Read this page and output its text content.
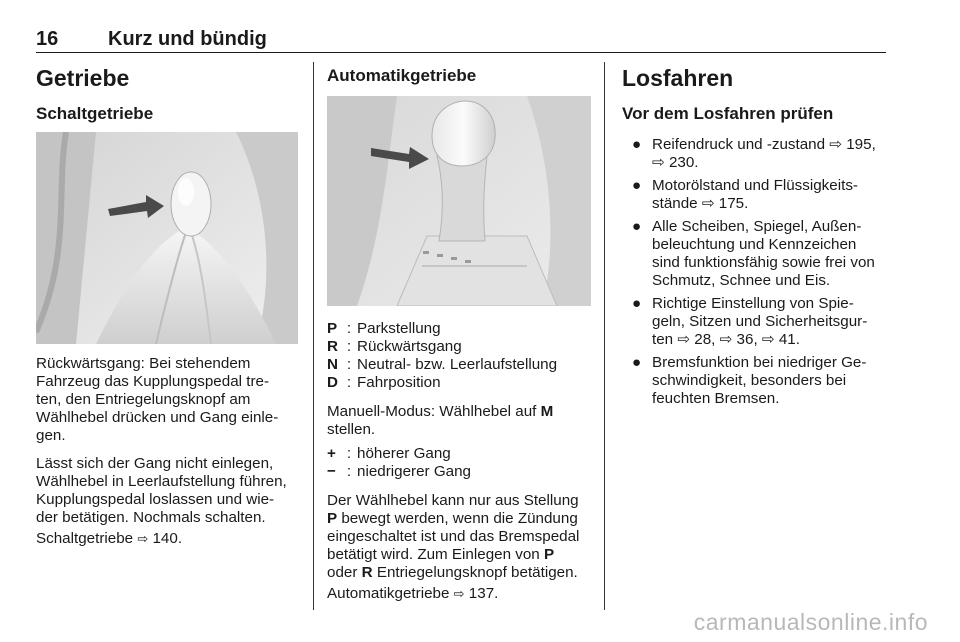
16 Kurz und bündig
Getriebe
Schaltgetriebe
Rückwärtsgang: Bei stehendem
Fahrzeug das Kupplungspedal tre-
ten, den Entriegelungsknopf am
Wählhebel drücken und Gang einle-
gen.
Lässt sich der Gang nicht einlegen,
Wählhebel in Leerlaufstellung führen,
Kupplungspedal loslassen und wie-
der betätigen. Nochmals schalten.
Schaltgetriebe ⇨ 140.
Automatikgetriebe
P : Parkstellung
R : Rückwärtsgang
N : Neutral- bzw. Leerlaufstellung
D : Fahrposition
Manuell-Modus: Wählhebel auf M
stellen.
+ : höherer Gang
− : niedrigerer Gang
Der Wählhebel kann nur aus Stellung
P bewegt werden, wenn die Zündung
eingeschaltet ist und das Bremspedal
betätigt wird. Zum Einlegen von P
oder R Entriegelungsknopf betätigen.
Automatikgetriebe ⇨ 137.
Losfahren
Vor dem Losfahren prüfen
● Reifendruck und -zustand ⇨ 195,
⇨ 230.
● Motorölstand und Flüssigkeits-
stände ⇨ 175.
● Alle Scheiben, Spiegel, Außen-
beleuchtung und Kennzeichen
sind funktionsfähig sowie frei von
Schmutz, Schnee und Eis.
● Richtige Einstellung von Spie-
geln, Sitzen und Sicherheitsgur-
ten ⇨ 28, ⇨ 36, ⇨ 41.
● Bremsfunktion bei niedriger Ge-
schwindigkeit, besonders bei
feuchten Bremsen.
carmanualsonline.info
